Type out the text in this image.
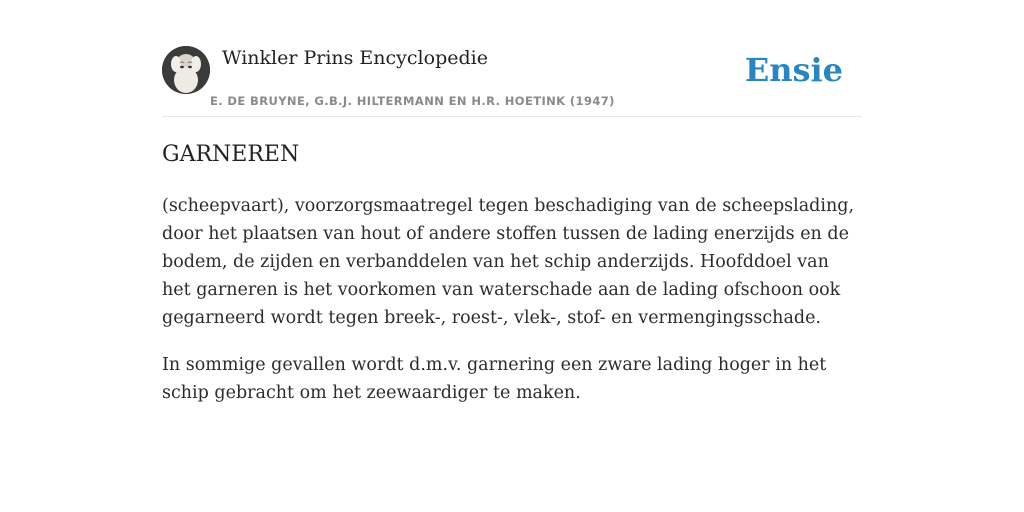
Winkler Prins Encyclopedie
E. DE BRUYNE, G.B.J. HILTERMANN EN H.R. HOETINK (1947)
Ensie
GARNEREN

(scheepvaart), voorzorgsmaatregel tegen beschadiging van de scheepslading, door het plaatsen van hout of andere stoffen tussen de lading enerzijds en de bodem, de zijden en verbanddelen van het schip anderzijds. Hoofddoel van het garneren is het voorkomen van waterschade aan de lading ofschoon ook gegarneerd wordt tegen breek-, roest-, vlek-, stof- en vermengingsschade.

In sommige gevallen wordt d.m.v. garnering een zware lading hoger in het schip gebracht om het zeewaardiger te maken.
